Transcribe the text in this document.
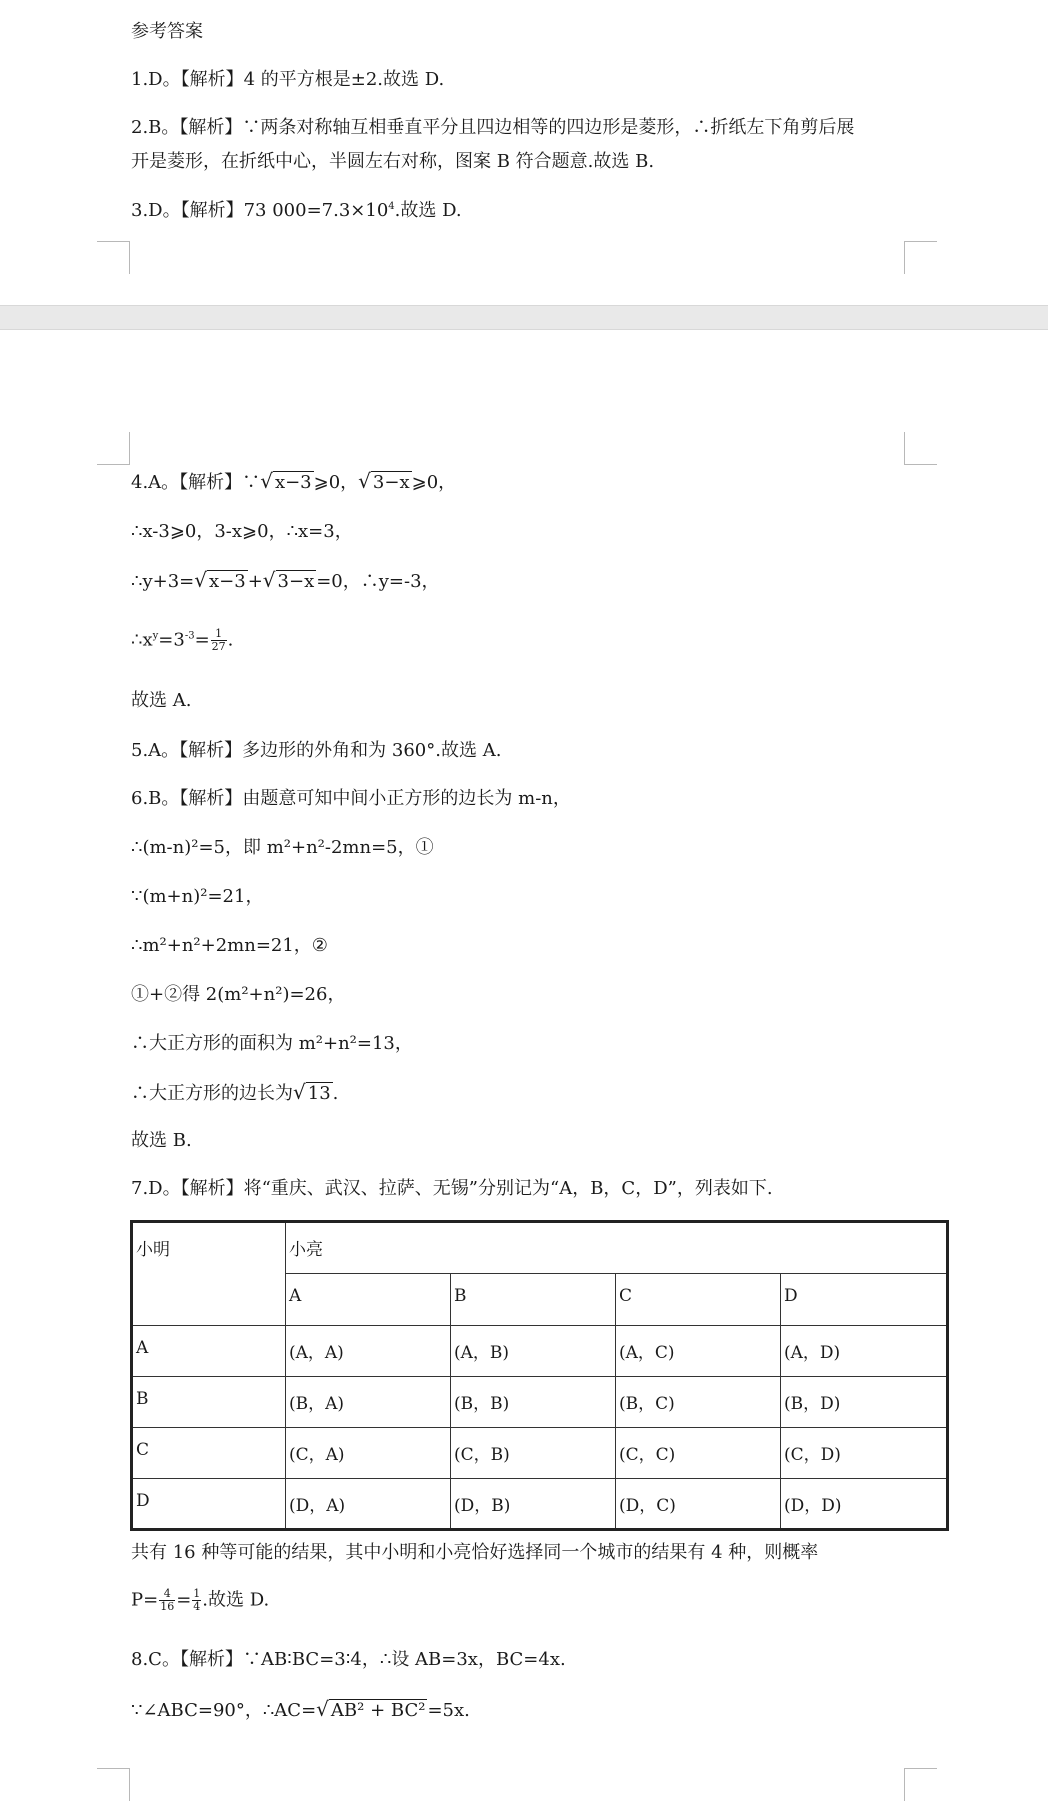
参考答案
1.D。【解析】4 的平方根是±2.故选 D.
2.B。【解析】∵两条对称轴互相垂直平分且四边相等的四边形是菱形，∴折纸左下角剪后展
开是菱形，在折纸中心，半圆左右对称，图案 B 符合题意.故选 B.
3.D。【解析】73 $000=7.3\times 10^4$.故选 D.
4.A。【解析】∵√ x−3 ⩾0，√ 3−x ⩾0，
∴x-3⩾0，3-x⩾0，∴x=3，
∴y+3=√ x−3 +√ 3−x =0，∴y=-3，
$\therefore x^y=3^{-3}= \frac{1}{27}$ .
故选 A.
5.A。【解析】多边形的外角和为 360°.故选 A.
6.B。【解析】由题意可知中间小正方形的边长为 m-n，
∴(m-n)²=5，即 m²+n²-2mn=5，①
∵(m+n)²=21，
∴m²+n²+2mn=21，②
①+②得 2(m²+n²)=26，
∴大正方形的面积为 m²+n²=13，
∴大正方形的边长为√ 13 .
故选 B.
7.D。【解析】将“重庆、武汉、拉萨、无锡”分别记为“A，B，C，D”，列表如下.
小明	小亮			
	A	B	C	D
A	(A，A)	(A，B)	(A，C)	(A，D)
B	(B，A)	(B，B)	(B，C)	(B，D)
C	(C，A)	(C，B)	(C，C)	(C，D)
D	(D，A)	(D，B)	(D，C)	(D，D)
共有 16 种等可能的结果，其中小明和小亮恰好选择同一个城市的结果有 4 种，则概率
$P= \frac{4}{16} = \frac{1}{4}$ .故选 D.
8.C。【解析】∵AB∶BC=3∶4，∴设 AB=3x，BC=4x.
∵∠ABC=90°，∴AC=√ AB² + BC² =5x.
